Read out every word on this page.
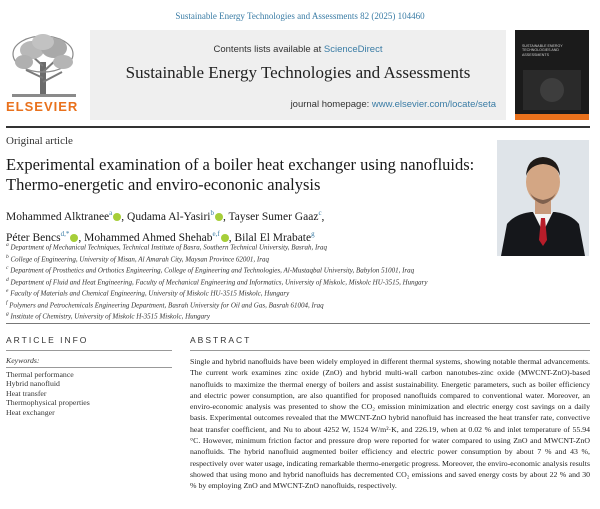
Sustainable Energy Technologies and Assessments 82 (2025) 104460
ELSEVIER
Contents lists available at ScienceDirect
Sustainable Energy Technologies and Assessments
journal homepage: www.elsevier.com/locate/seta
SUSTAINABLE ENERGY TECHNOLOGIES AND ASSESSMENTS
Original article
Experimental examination of a boiler heat exchanger using nanofluids: Thermo-energetic and enviro-econonic analysis
Mohammed Alktranee$^a$ , Qudama Al-Yasiri$^b$ , Tayser Sumer Gaaz$^c$,
Péter Bencs$^{d,*}$ , Mohammed Ahmed Shehab$^{e,f}$ , Bilal El Mrabate$^g$
$^a$ Department of Mechanical Techniques, Technical Institute of Basra, Southern Technical University, Basrah, Iraq
$^b$ College of Engineering, University of Misan, Al Amarah City, Maysan Province 62001, Iraq
$^c$ Department of Prosthetics and Orthotics Engineering, College of Engineering and Technologies, Al-Mustaqbal University, Babylon 51001, Iraq
$^d$ Department of Fluid and Heat Engineering, Faculty of Mechanical Engineering and Informatics, University of Miskolc, Miskolc HU-3515, Hungary
$^e$ Faculty of Materials and Chemical Engineering, University of Miskolc HU-3515 Miskolc, Hungary
$^f$ Polymers and Petrochemicals Engineering Department, Basrah University for Oil and Gas, Basrah 61004, Iraq
$^g$ Institute of Chemistry, University of Miskolc H-3515 Miskolc, Hungary
ARTICLE INFO	ABSTRACT
Keywords:
Thermal performance
Hybrid nanofluid
Heat transfer
Thermophysical properties
Heat exchanger
Single and hybrid nanofluids have been widely employed in different thermal systems, showing notable thermal advancements. The current work examines zinc oxide (ZnO) and hybrid multi-wall carbon nanotubes-zinc oxide (MWCNT-ZnO)-based nanofluids to maximize the thermal energy of boilers and assist sustainability. Energetic parameters, such as boiler efficiency and electric power consumption, are also quantified for proposed nanofluids compared to conventional water. Moreover, an enviro-economic analysis was presented to show the CO₂ emission minimization and electric energy cost savings on a daily basis. Experimental outcomes revealed that the MWCNT-ZnO hybrid nanofluid has increased the heat transfer rate, convective heat transfer coefficient, and Nu to about 4252 W, 1524 W/m²·K, and 226.19, when at 0.02 % and inlet temperature of 55.94 °C. However, minimum friction factor and pressure drop were reported for water compared to using ZnO and MWCNT-ZnO nanofluids. The hybrid nanofluid augmented boiler efficiency and electric power consumption by about 7 % and 43 %, respectively over water usage, indicating remarkable thermo-energetic progress. Moreover, the enviro-economic analysis results showed that using mono and hybrid nanofluids has decremented CO₂ emissions and saved energy costs by about 22 % and 30 % by employing ZnO and MWCNT-ZnO nanofluids, respectively.
